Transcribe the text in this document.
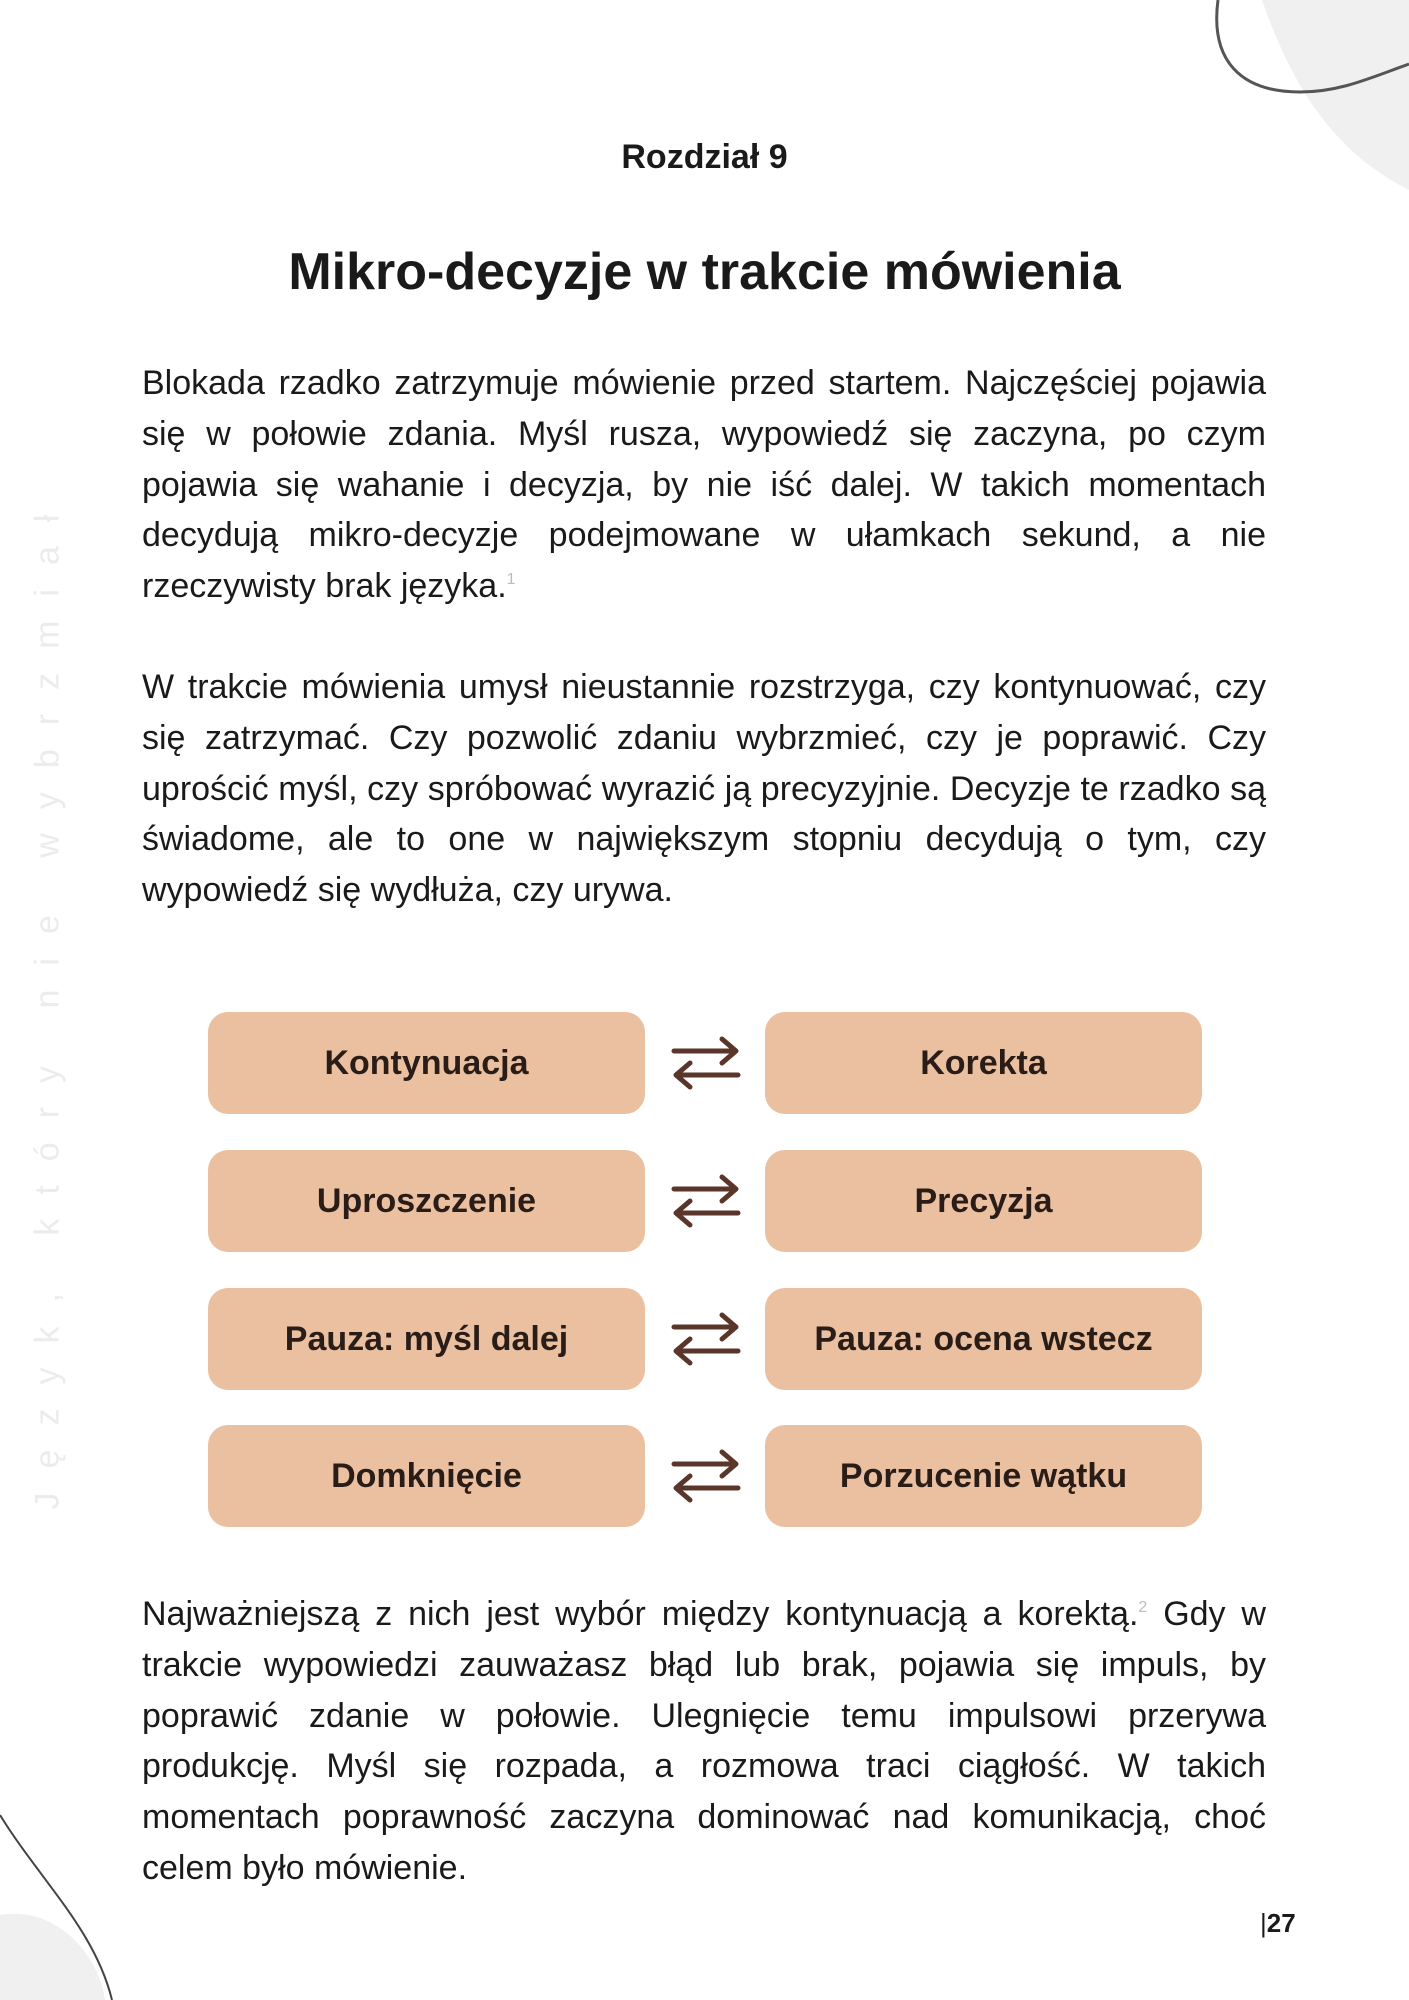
Język, który nie wybrzmiał
Rozdział 9
Mikro-decyzje w trakcie mówienia
Blokada rzadko zatrzymuje mówienie przed startem. Najczęściej pojawia się w połowie zdania. Myśl rusza, wypowiedź się zaczyna, po czym pojawia się wahanie i decyzja, by nie iść dalej. W takich momentach decydują mikro-decyzje podejmowane w ułamkach sekund, a nie rzeczywisty brak języka.$^1$
W trakcie mówienia umysł nieustannie rozstrzyga, czy kontynuować, czy się zatrzymać. Czy pozwolić zdaniu wybrzmieć, czy je poprawić. Czy uprościć myśl, czy spróbować wyrazić ją precyzyjnie. Decyzje te rzadko są świadome, ale to one w największym stopniu decydują o tym, czy wypowiedź się wydłuża, czy urywa.
Kontynuacja	Korekta
Uproszczenie	Precyzja
Pauza: myśl dalej	Pauza: ocena wstecz
Domknięcie	Porzucenie wątku
Najważniejszą z nich jest wybór między kontynuacją a korektą.$^2$ Gdy w trakcie wypowiedzi zauważasz błąd lub brak, pojawia się impuls, by poprawić zdanie w połowie. Ulegnięcie temu impulsowi przerywa produkcję. Myśl się rozpada, a rozmowa traci ciągłość. W takich momentach poprawność zaczyna dominować nad komunikacją, choć celem było mówienie.
|27
